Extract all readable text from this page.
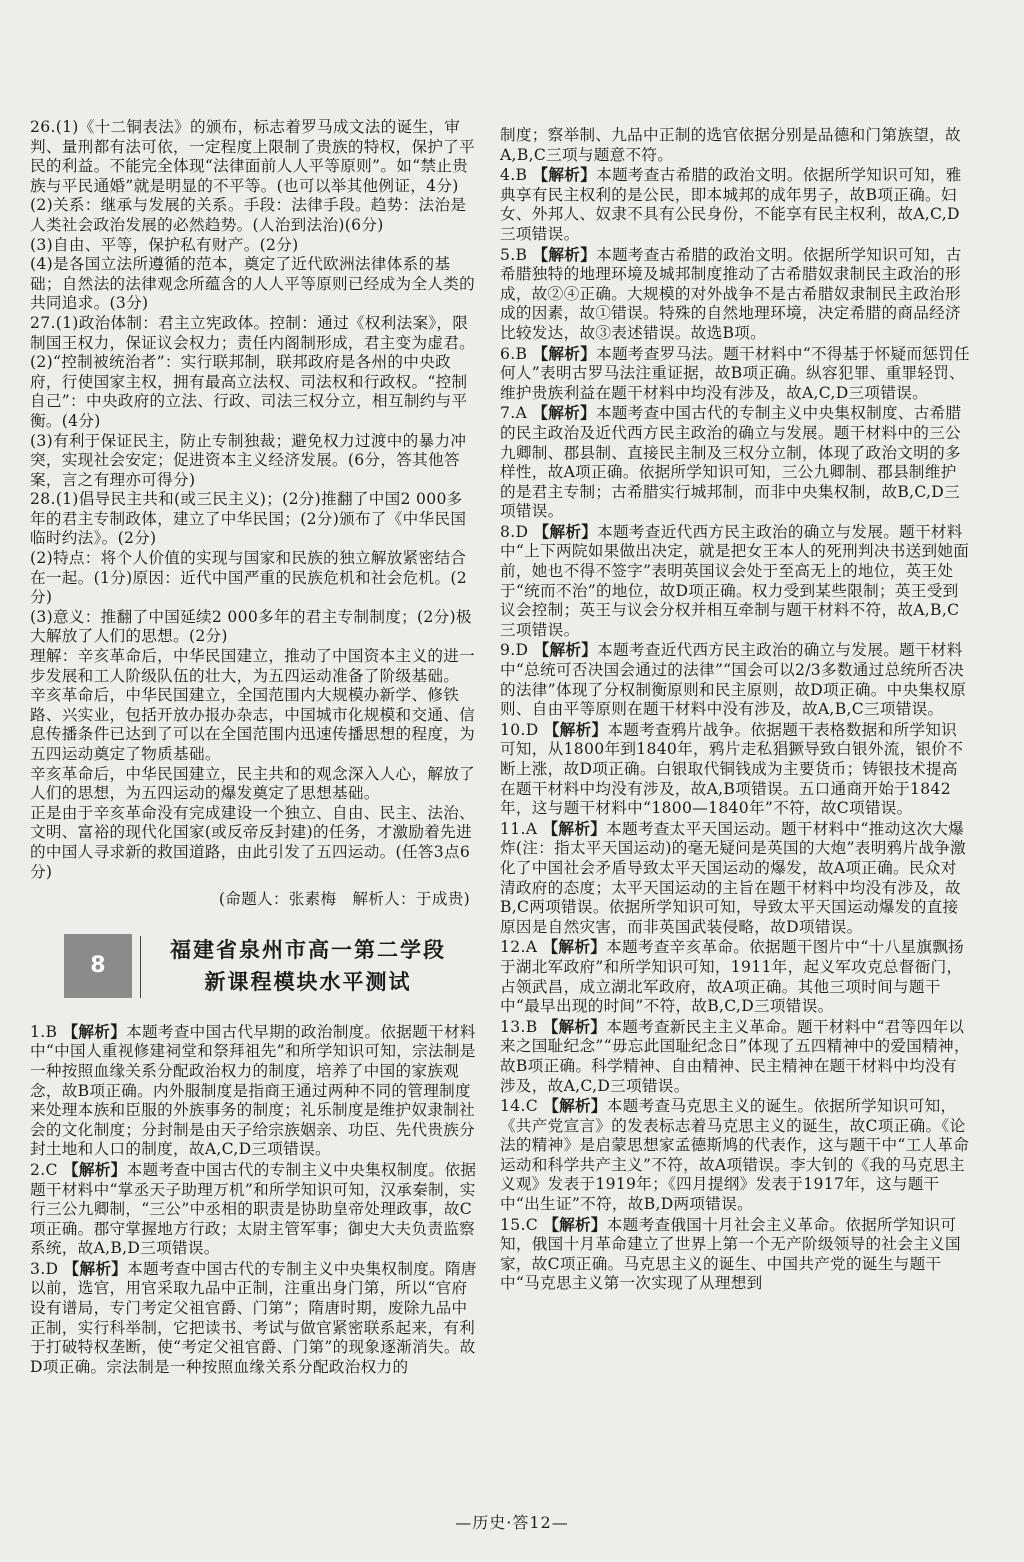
26.(1)《十二铜表法》的颁布，标志着罗马成文法的诞生，审判、量刑都有法可依，一定程度上限制了贵族的特权，保护了平民的利益。不能完全体现“法律面前人人平等原则”。如“禁止贵族与平民通婚”就是明显的不平等。(也可以举其他例证，4分)

(2)关系：继承与发展的关系。手段：法律手段。趋势：法治是人类社会政治发展的必然趋势。(人治到法治)(6分)

(3)自由、平等，保护私有财产。(2分)

(4)是各国立法所遵循的范本，奠定了近代欧洲法律体系的基础；自然法的法律观念所蕴含的人人平等原则已经成为全人类的共同追求。(3分)

27.(1)政治体制：君主立宪政体。控制：通过《权利法案》，限制国王权力，保证议会权力；责任内阁制形成，君主变为虚君。

(2)“控制被统治者”：实行联邦制，联邦政府是各州的中央政府，行使国家主权，拥有最高立法权、司法权和行政权。“控制自己”：中央政府的立法、行政、司法三权分立，相互制约与平衡。(4分)

(3)有利于保证民主，防止专制独裁；避免权力过渡中的暴力冲突，实现社会安定；促进资本主义经济发展。(6分，答其他答案，言之有理亦可得分)

28.(1)倡导民主共和(或三民主义)；(2分)推翻了中国2 000多年的君主专制政体，建立了中华民国；(2分)颁布了《中华民国临时约法》。(2分)

(2)特点：将个人价值的实现与国家和民族的独立解放紧密结合在一起。(1分)原因：近代中国严重的民族危机和社会危机。(2分)

(3)意义：推翻了中国延续2 000多年的君主专制制度；(2分)极大解放了人们的思想。(2分)

理解：辛亥革命后，中华民国建立，推动了中国资本主义的进一步发展和工人阶级队伍的壮大，为五四运动准备了阶级基础。

辛亥革命后，中华民国建立，全国范围内大规模办新学、修铁路、兴实业，包括开放办报办杂志，中国城市化规模和交通、信息传播条件已达到了可以在全国范围内迅速传播思想的程度，为五四运动奠定了物质基础。

辛亥革命后，中华民国建立，民主共和的观念深入人心，解放了人们的思想，为五四运动的爆发奠定了思想基础。

正是由于辛亥革命没有完成建设一个独立、自由、民主、法治、文明、富裕的现代化国家(或反帝反封建)的任务，才激励着先进的中国人寻求新的救国道路，由此引发了五四运动。(任答3点6分)

(命题人：张素梅　解析人：于成贵)
8
福建省泉州市高一第二学段
新课程模块水平测试

1.B 【解析】本题考查中国古代早期的政治制度。依据题干材料中“中国人重视修建祠堂和祭拜祖先”和所学知识可知，宗法制是一种按照血缘关系分配政治权力的制度，培养了中国的家族观念，故B项正确。内外服制度是指商王通过两种不同的管理制度来处理本族和臣服的外族事务的制度；礼乐制度是维护奴隶制社会的文化制度；分封制是由天子给宗族姻亲、功臣、先代贵族分封土地和人口的制度，故A,C,D三项错误。

2.C 【解析】本题考查中国古代的专制主义中央集权制度。依据题干材料中“掌丞天子助理万机”和所学知识可知，汉承秦制，实行三公九卿制，“三公”中丞相的职责是协助皇帝处理政事，故C项正确。郡守掌握地方行政；太尉主管军事；御史大夫负责监察系统，故A,B,D三项错误。

3.D 【解析】本题考查中国古代的专制主义中央集权制度。隋唐以前，选官，用官采取九品中正制，注重出身门第，所以“官府设有谱局，专门考定父祖官爵、门第”；隋唐时期，废除九品中正制，实行科举制，它把读书、考试与做官紧密联系起来，有利于打破特权垄断，使“考定父祖官爵、门第”的现象逐渐消失。故D项正确。宗法制是一种按照血缘关系分配政治权力的

制度；察举制、九品中正制的选官依据分别是品德和门第族望，故A,B,C三项与题意不符。

4.B 【解析】本题考查古希腊的政治文明。依据所学知识可知，雅典享有民主权利的是公民，即本城邦的成年男子，故B项正确。妇女、外邦人、奴隶不具有公民身份，不能享有民主权利，故A,C,D三项错误。

5.B 【解析】本题考查古希腊的政治文明。依据所学知识可知，古希腊独特的地理环境及城邦制度推动了古希腊奴隶制民主政治的形成，故②④正确。大规模的对外战争不是古希腊奴隶制民主政治形成的因素，故①错误。特殊的自然地理环境，决定希腊的商品经济比较发达，故③表述错误。故选B项。

6.B 【解析】本题考查罗马法。题干材料中“不得基于怀疑而惩罚任何人”表明古罗马法注重证据，故B项正确。纵容犯罪、重罪轻罚、维护贵族利益在题干材料中均没有涉及，故A,C,D三项错误。

7.A 【解析】本题考查中国古代的专制主义中央集权制度、古希腊的民主政治及近代西方民主政治的确立与发展。题干材料中的三公九卿制、郡县制、直接民主制及三权分立制，体现了政治文明的多样性，故A项正确。依据所学知识可知，三公九卿制、郡县制维护的是君主专制；古希腊实行城邦制，而非中央集权制，故B,C,D三项错误。

8.D 【解析】本题考查近代西方民主政治的确立与发展。题干材料中“上下两院如果做出决定，就是把女王本人的死刑判决书送到她面前，她也不得不签字”表明英国议会处于至高无上的地位，英王处于“统而不治”的地位，故D项正确。权力受到某些限制；英王受到议会控制；英王与议会分权并相互牵制与题干材料不符，故A,B,C三项错误。

9.D 【解析】本题考查近代西方民主政治的确立与发展。题干材料中“总统可否决国会通过的法律”“国会可以2/3多数通过总统所否决的法律”体现了分权制衡原则和民主原则，故D项正确。中央集权原则、自由平等原则在题干材料中没有涉及，故A,B,C三项错误。

10.D 【解析】本题考查鸦片战争。依据题干表格数据和所学知识可知，从1800年到1840年，鸦片走私猖獗导致白银外流，银价不断上涨，故D项正确。白银取代铜钱成为主要货币；铸银技术提高在题干材料中均没有涉及，故A,B项错误。五口通商开始于1842年，这与题干材料中“1800—1840年”不符，故C项错误。

11.A 【解析】本题考查太平天国运动。题干材料中“推动这次大爆炸(注：指太平天国运动)的毫无疑问是英国的大炮”表明鸦片战争激化了中国社会矛盾导致太平天国运动的爆发，故A项正确。民众对清政府的态度；太平天国运动的主旨在题干材料中均没有涉及，故B,C两项错误。依据所学知识可知，导致太平天国运动爆发的直接原因是自然灾害，而非英国武装侵略，故D项错误。

12.A 【解析】本题考查辛亥革命。依据题干图片中“十八星旗飘扬于湖北军政府”和所学知识可知，1911年，起义军攻克总督衙门，占领武昌，成立湖北军政府，故A项正确。其他三项时间与题干中“最早出现的时间”不符，故B,C,D三项错误。

13.B 【解析】本题考查新民主主义革命。题干材料中“君等四年以来之国耻纪念”“毋忘此国耻纪念日”体现了五四精神中的爱国精神，故B项正确。科学精神、自由精神、民主精神在题干材料中均没有涉及，故A,C,D三项错误。

14.C 【解析】本题考查马克思主义的诞生。依据所学知识可知，《共产党宣言》的发表标志着马克思主义的诞生，故C项正确。《论法的精神》是启蒙思想家孟德斯鸠的代表作，这与题干中“工人革命运动和科学共产主义”不符，故A项错误。李大钊的《我的马克思主义观》发表于1919年；《四月提纲》发表于1917年，这与题干中“出生证”不符，故B,D两项错误。

15.C 【解析】本题考查俄国十月社会主义革命。依据所学知识可知，俄国十月革命建立了世界上第一个无产阶级领导的社会主义国家，故C项正确。马克思主义的诞生、中国共产党的诞生与题干中“马克思主义第一次实现了从理想到

—历史·答12—
